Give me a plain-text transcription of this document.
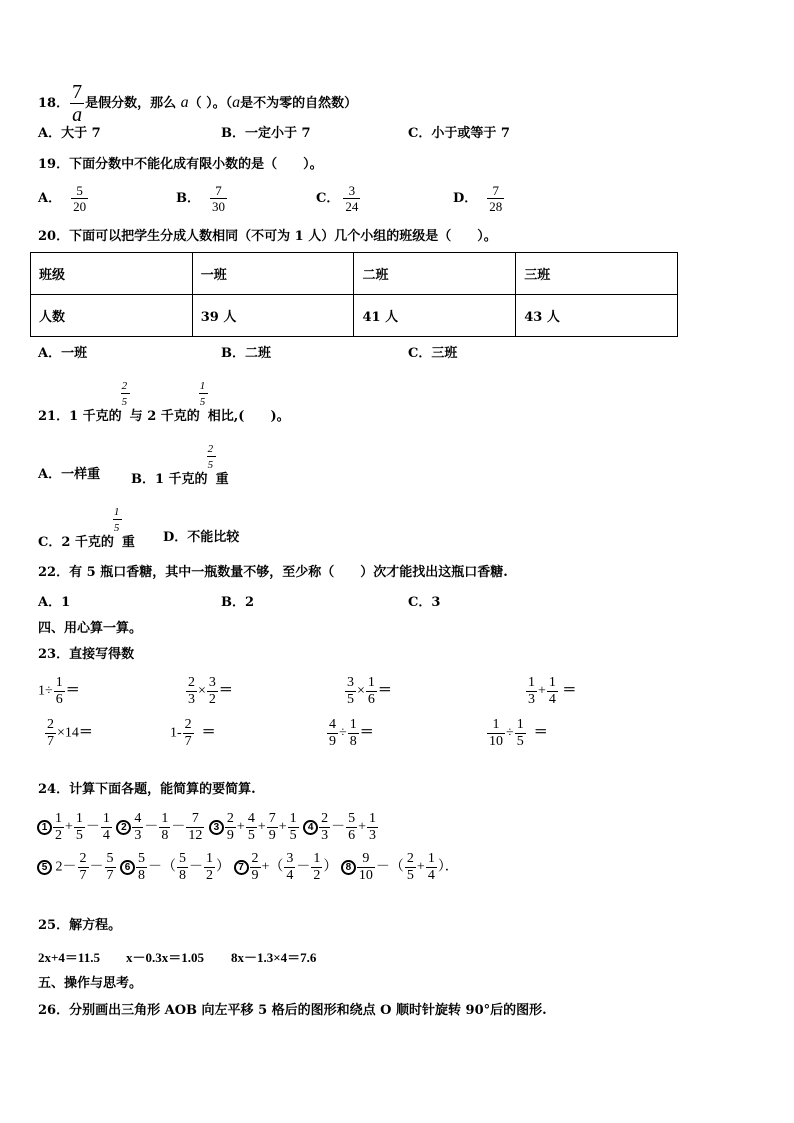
18． $\frac{7}{a}$ 是假分数，那么 a（ ）。（a是不为零的自然数）
A．大于 7	B．一定小于 7	C．小于或等于 7
19．下面分数中不能化成有限小数的是（　　）。
A． $\frac{5}{20}$	B． $\frac{7}{30}$	C． $\frac{3}{24}$	D． $\frac{7}{28}$
20．下面可以把学生分成人数相同（不可为 1 人）几个小组的班级是（　　）。
班级	一班	二班	三班
人数	39 人	41 人	43 人
A．一班	B．二班	C．三班
21．1 千克的 $\frac{2}{5}$ 与 2 千克的 $\frac{1}{5}$ 相比,(　　)。
A．一样重 B．1 千克的 $\frac{2}{5}$ 重
C．2 千克的 $\frac{1}{5}$ 重 D．不能比较
22．有 5 瓶口香糖，其中一瓶数量不够，至少称（　　）次才能找出这瓶口香糖.
A．1	B．2	C．3
四、用心算一算。
23．直接写得数
$1\div \frac{1}{6}$ ＝	$\frac{2}{3} \times \frac{3}{2}$ ＝	$\frac{3}{5} \times \frac{1}{6}$ ＝	$\frac{1}{3} + \frac{1}{4}$ ＝
$\frac{2}{7} \times 14=$	$1- \frac{2}{7}$ ＝	$\frac{4}{9} \div \frac{1}{8}$ ＝	$\frac{1}{10} \div \frac{1}{5}$ ＝
24．计算下面各题，能简算的要简算.
$1 \frac{1}{2} + \frac{1}{5} - \frac{1}{4} 2 \frac{4}{3} - \frac{1}{8} - \frac{7}{12} 3 \frac{2}{9} + \frac{4}{5} + \frac{7}{9} + \frac{1}{5} 4 \frac{2}{3} - \frac{5}{6} + \frac{1}{3}$
5 $2- \frac{2}{7} - \frac{5}{7} 6 \frac{5}{8}$ －（ $\frac{5}{8} - \frac{1}{2}$ ） $7 \frac{2}{9}$ +（ $\frac{3}{4} - \frac{1}{2}$ ） $8 \frac{9}{10}$ －（ $\frac{2}{5} + \frac{1}{4}$ ）．
25．解方程。
2x+4＝11.5 x－0.3x＝1.05 8x－1.3×4＝7.6
五、操作与思考。
26．分别画出三角形 AOB 向左平移 5 格后的图形和绕点 O 顺时针旋转 90°后的图形.
